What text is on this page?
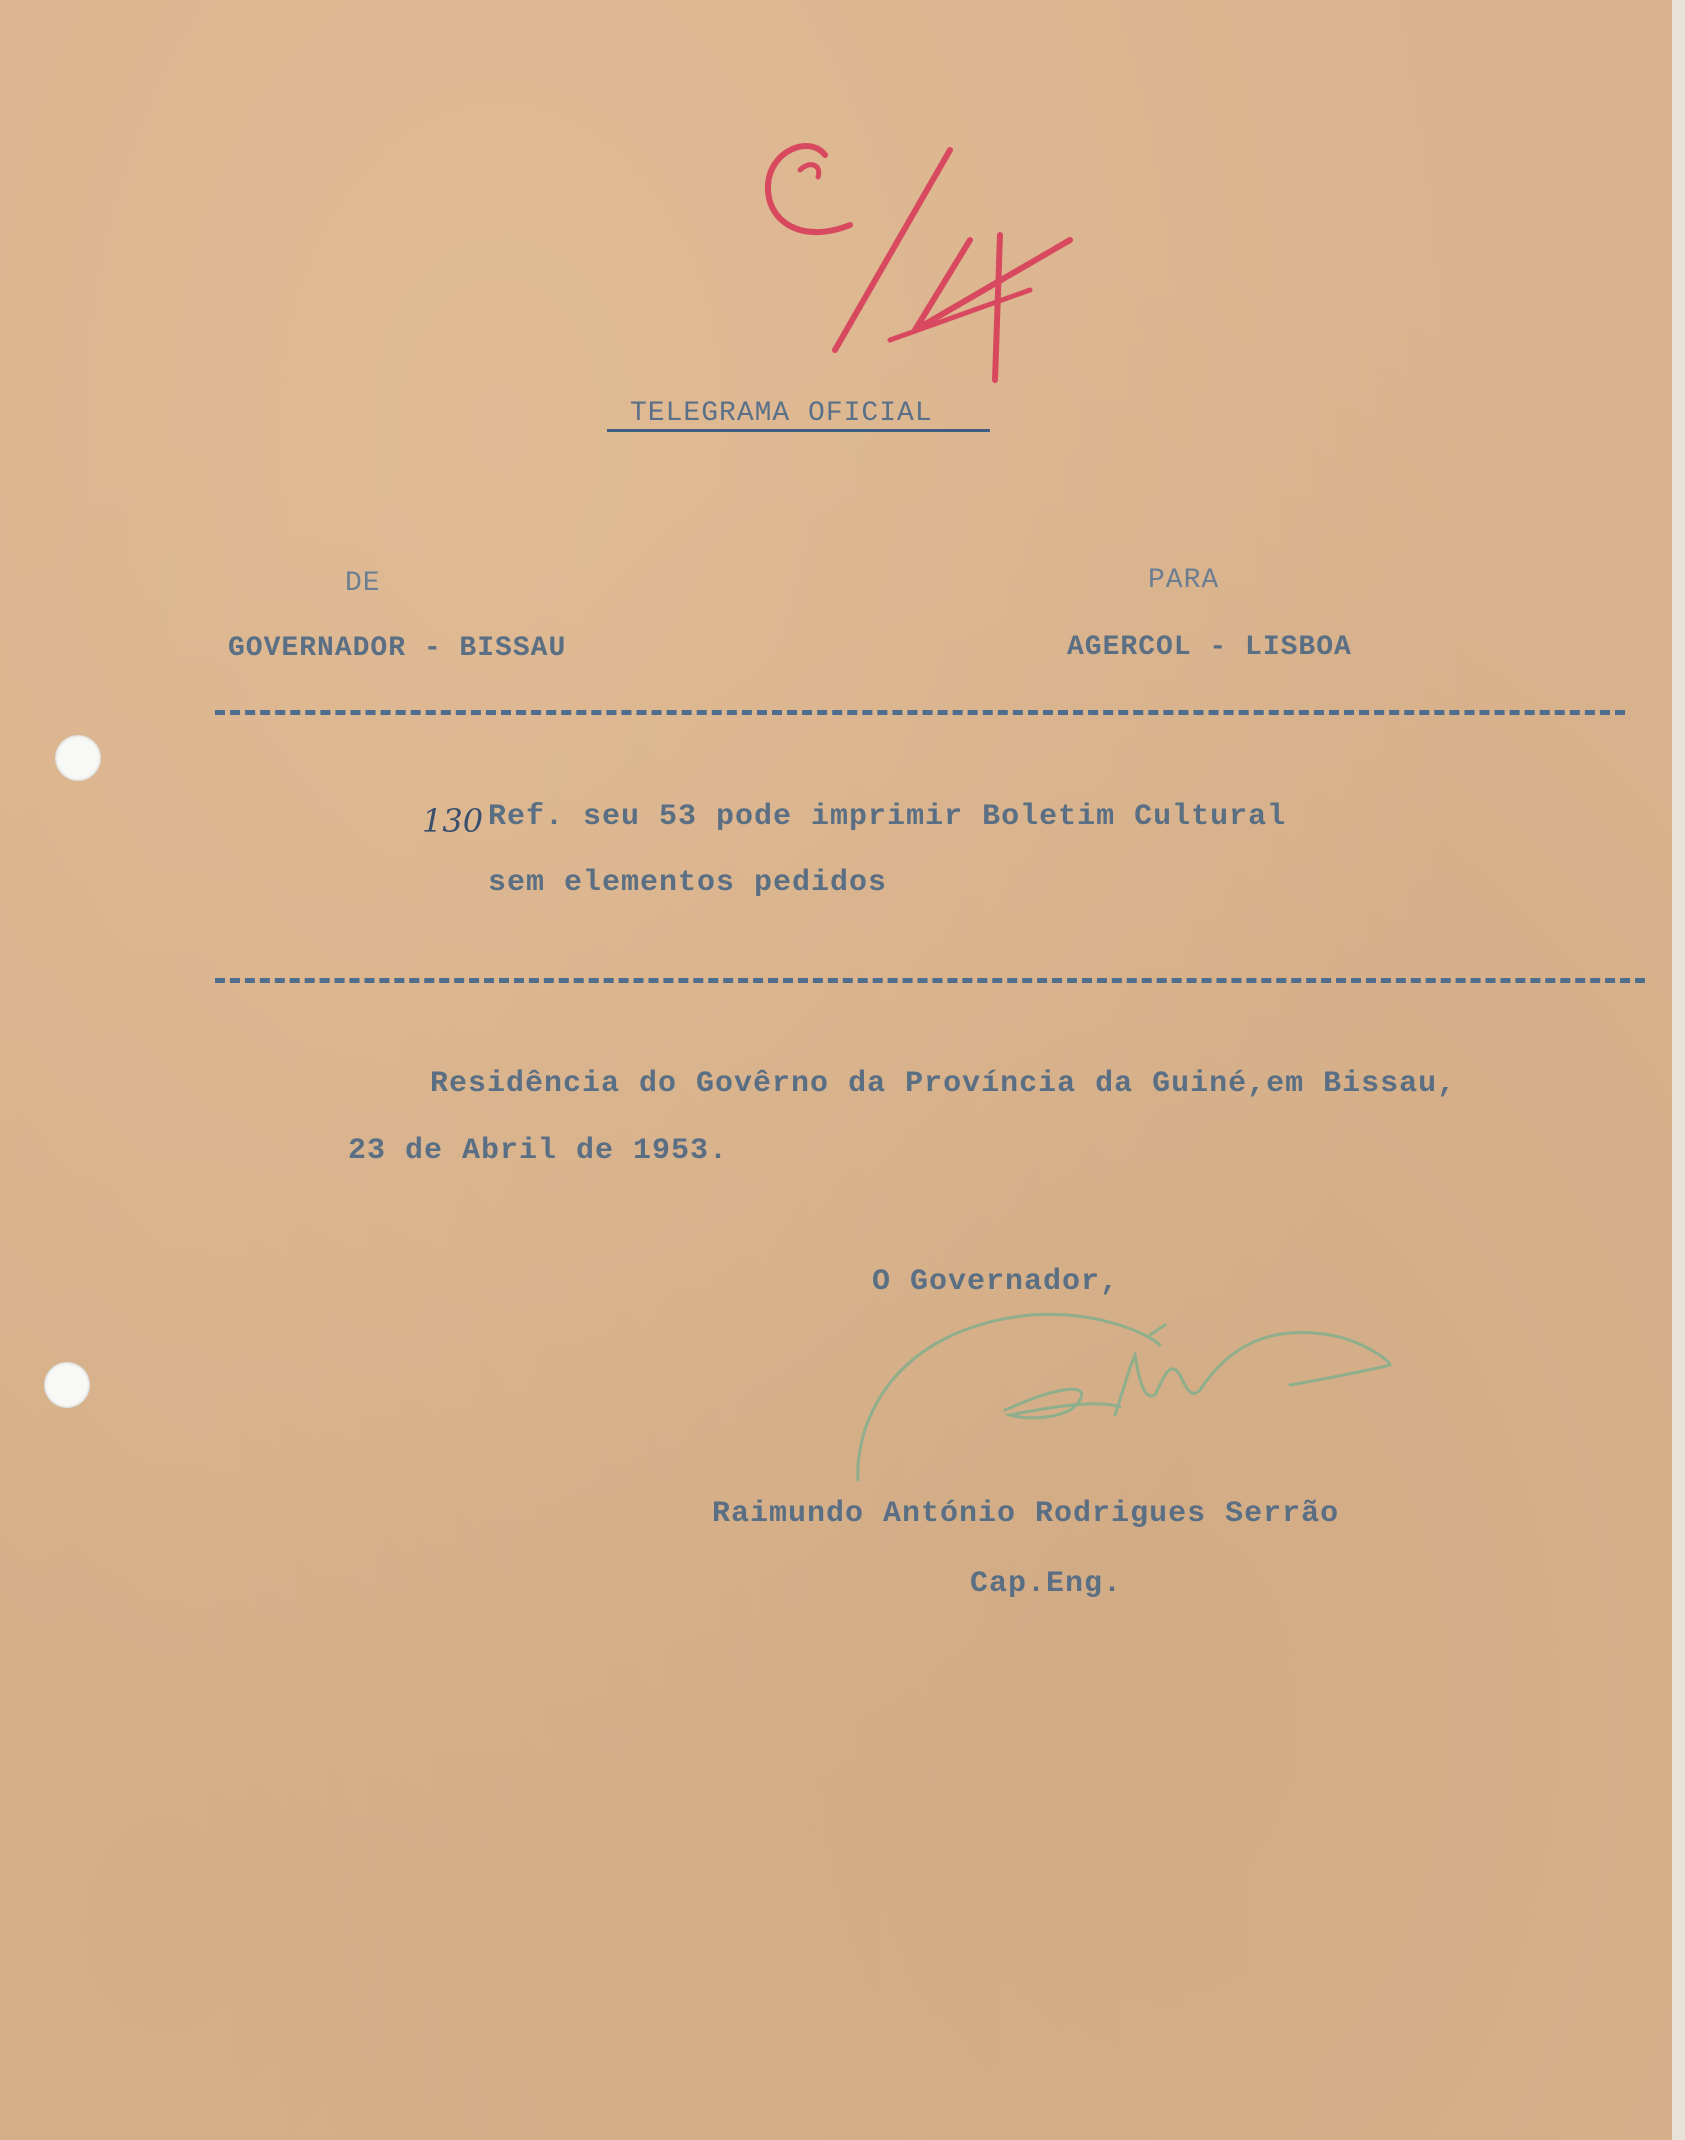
TELEGRAMA OFICIAL
DE
GOVERNADOR - BISSAU
PARA
AGERCOL - LISBOA
130 Ref. seu 53 pode imprimir Boletim Cultural
sem elementos pedidos
Residência do Govêrno da Província da Guiné,em Bissau,
23 de Abril de 1953.
O Governador,
Raimundo António Rodrigues Serrão
Cap.Eng.
